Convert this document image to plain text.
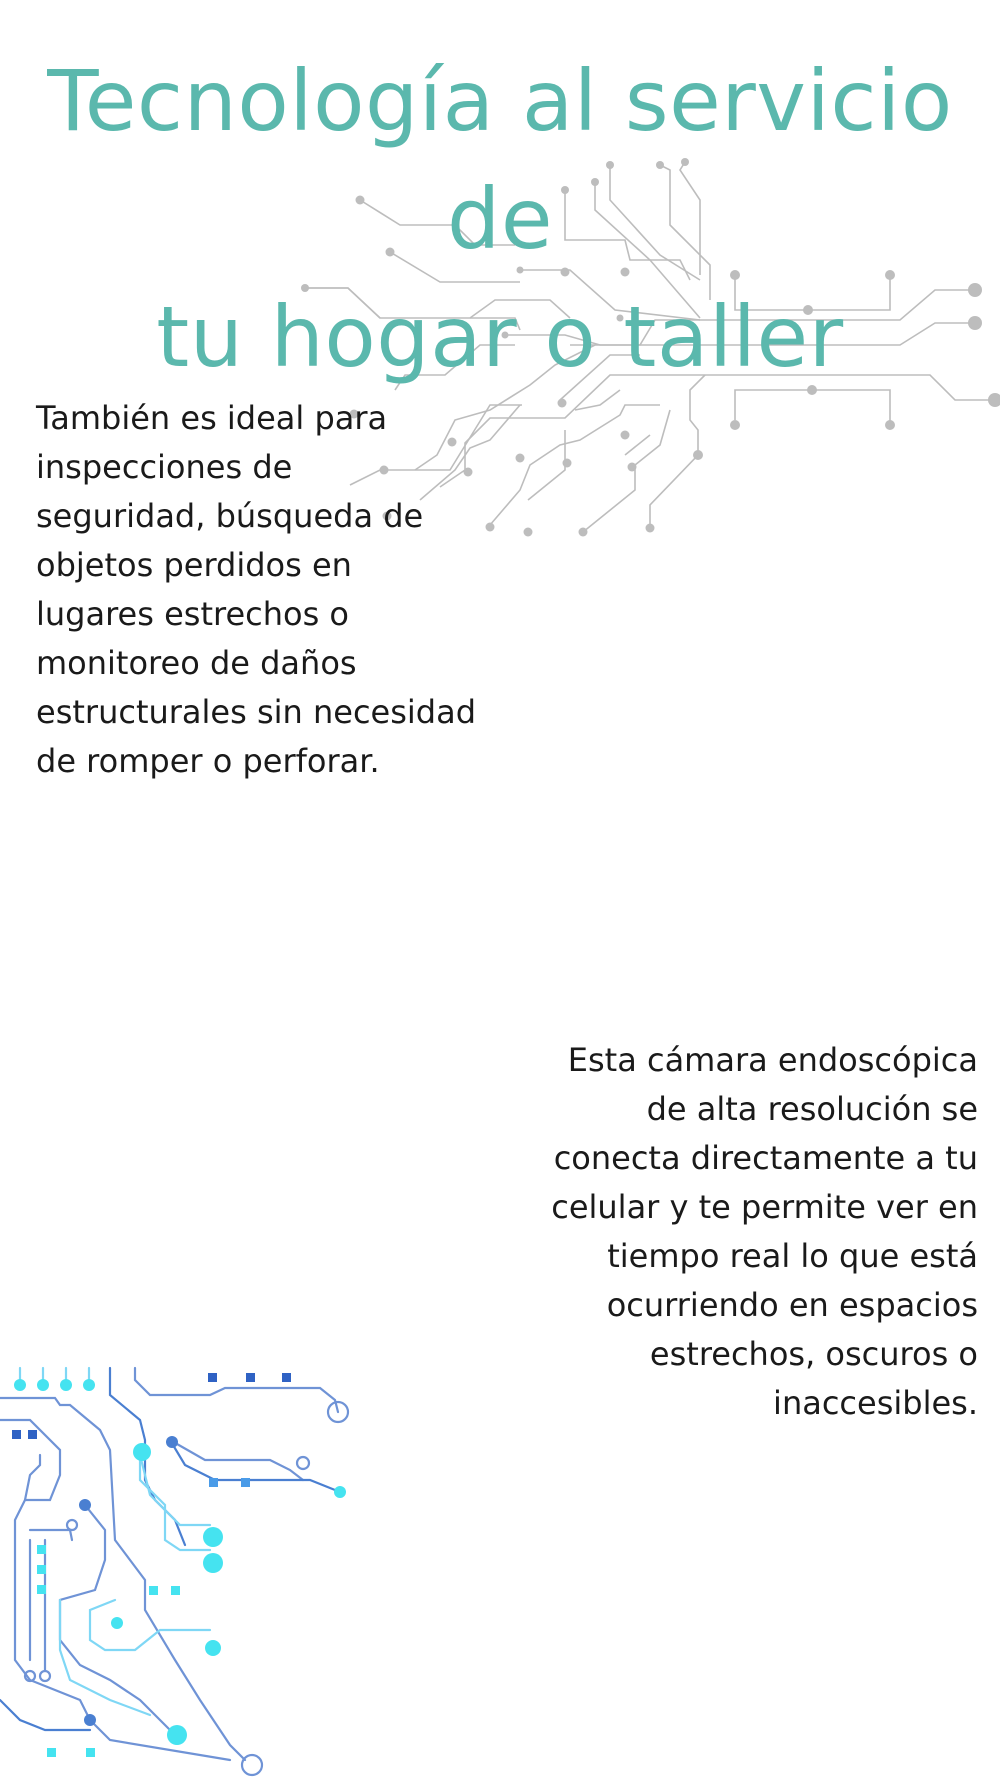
Tecnología al servicio de
tu hogar o taller

También es ideal para
inspecciones de
seguridad, búsqueda de
objetos perdidos en
lugares estrechos o
monitoreo de daños
estructurales sin necesidad
de romper o perforar.

Esta cámara endoscópica
de alta resolución se
conecta directamente a tu
celular y te permite ver en
tiempo real lo que está
ocurriendo en espacios
estrechos, oscuros o
inaccesibles.
